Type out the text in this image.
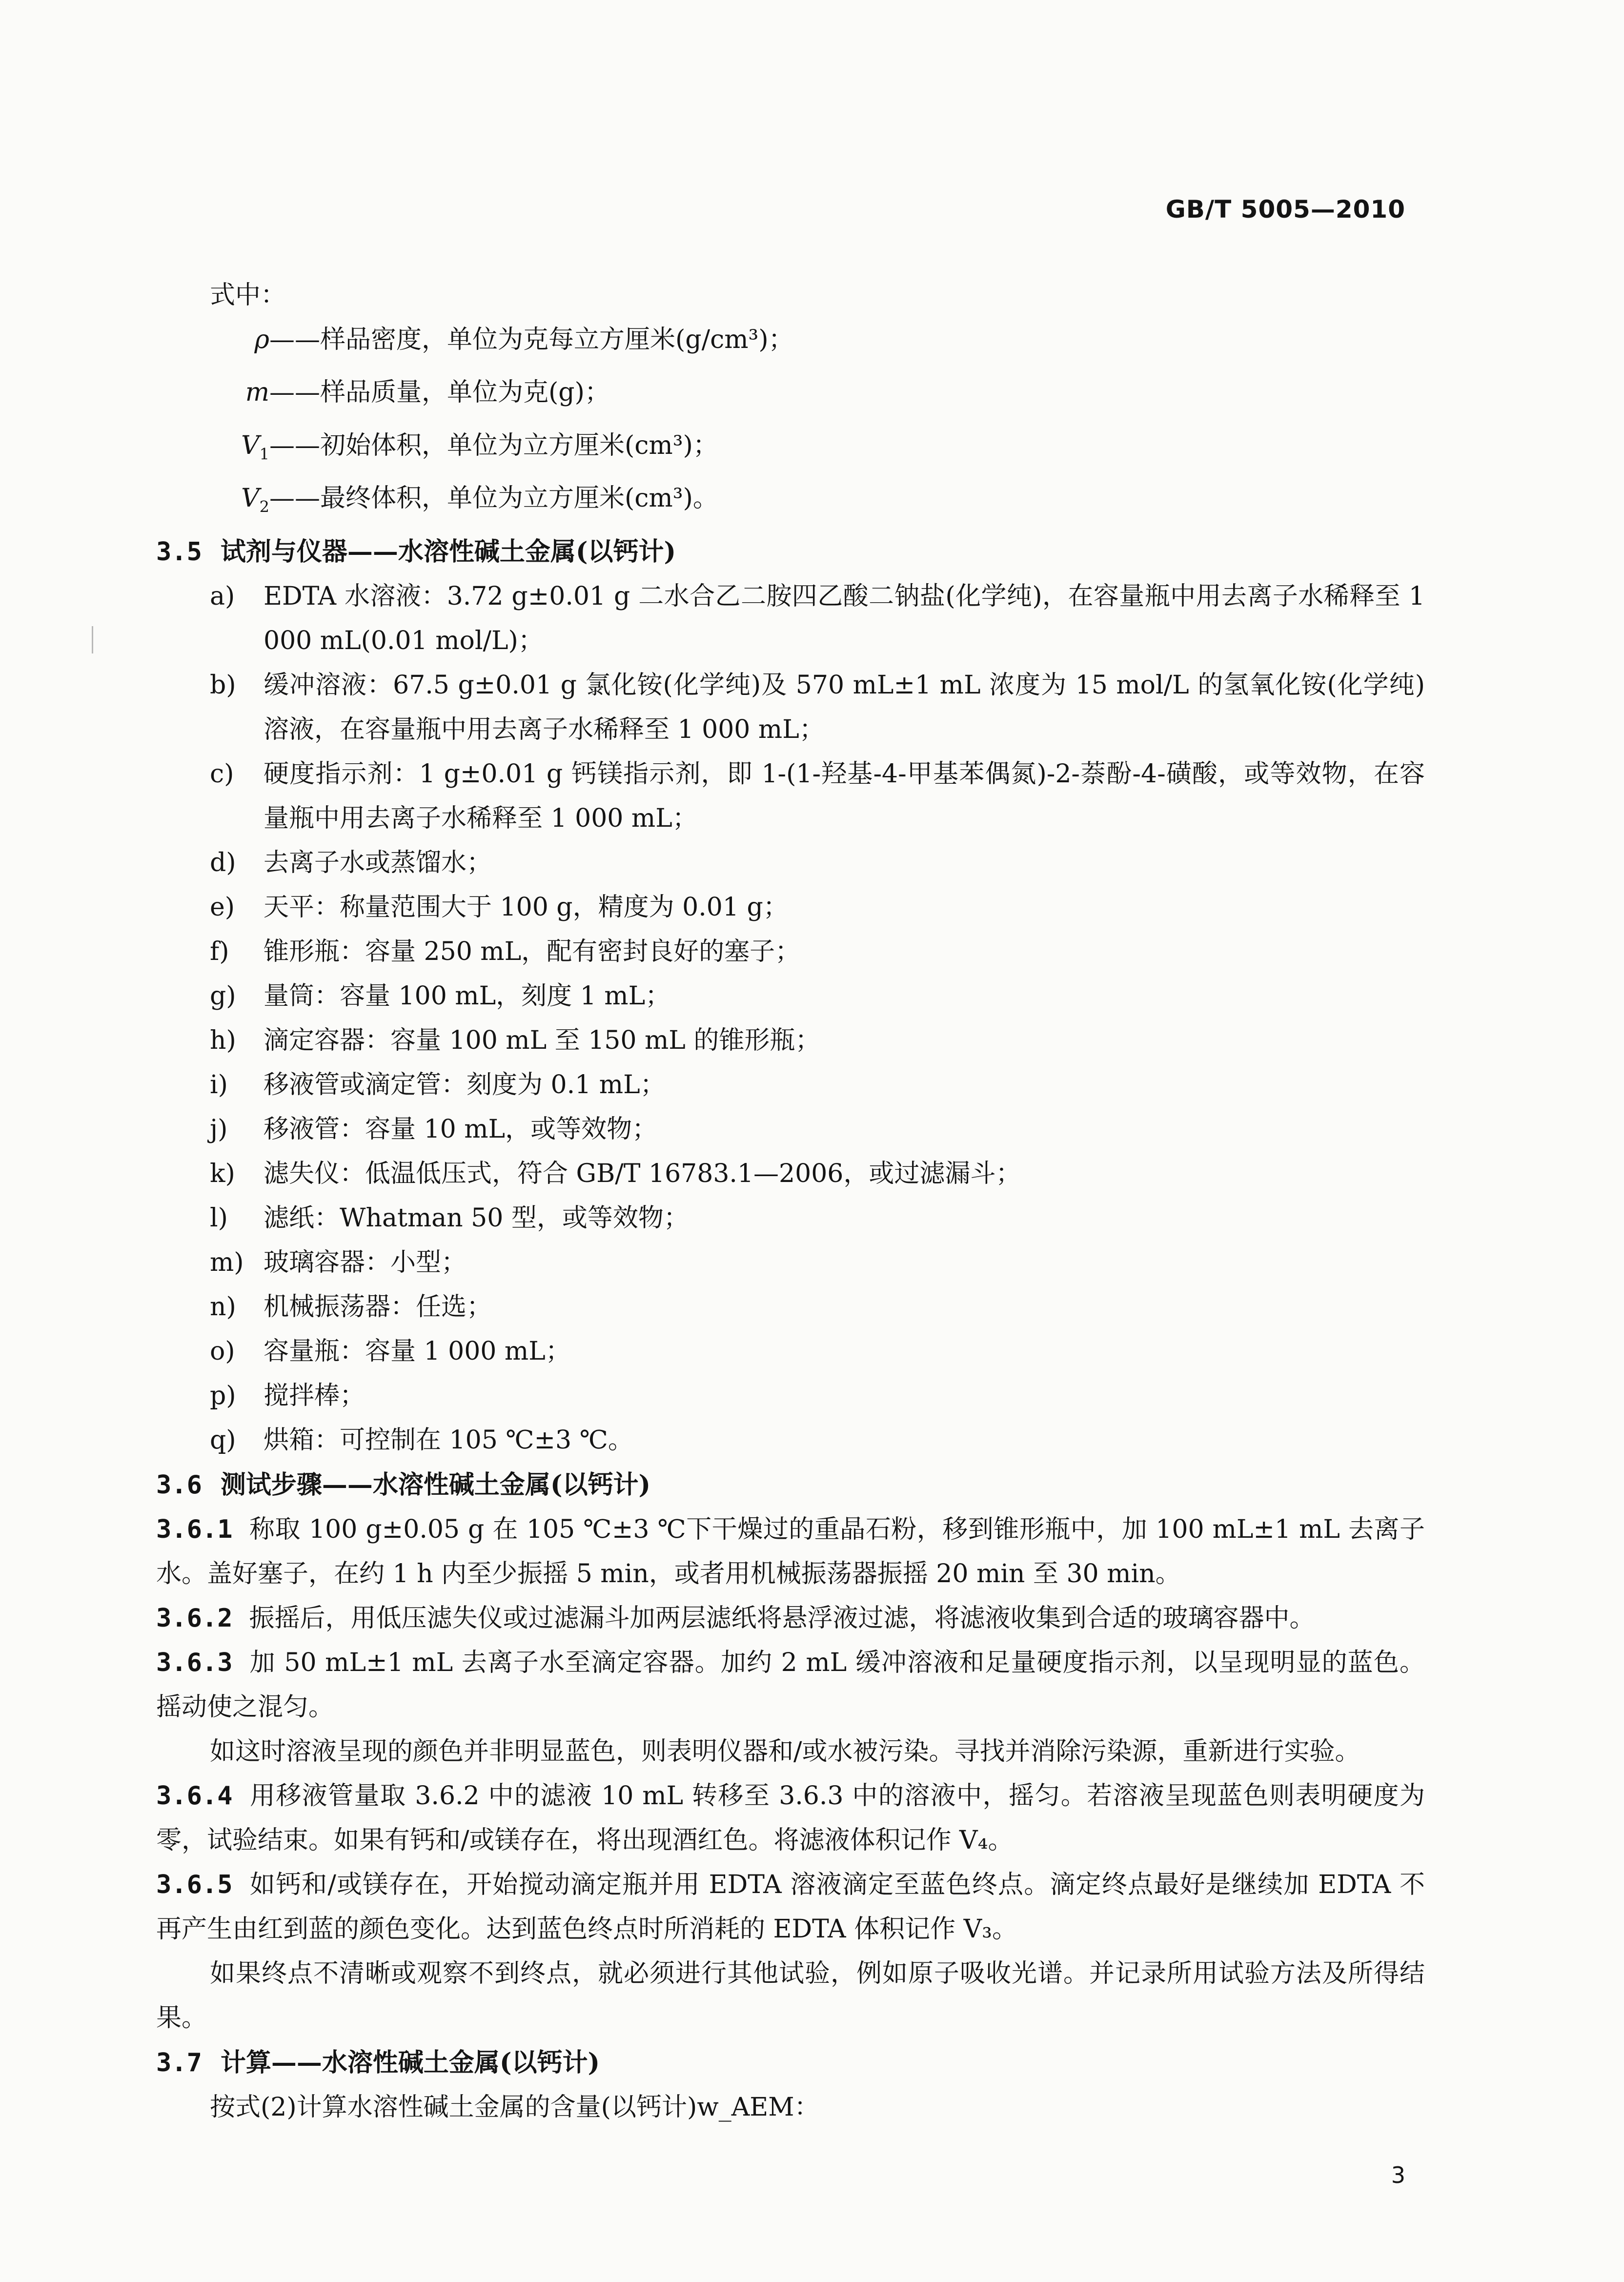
GB/T 5005—2010
式中：
ρ ——样品密度，单位为克每立方厘米(g/cm³)；
m ——样品质量，单位为克(g)；
$V_1$ ——初始体积，单位为立方厘米(cm³)；
$V_2$ ——最终体积，单位为立方厘米(cm³)。
3.5 试剂与仪器——水溶性碱土金属(以钙计)
a)	EDTA 水溶液：3.72 g±0.01 g 二水合乙二胺四乙酸二钠盐(化学纯)，在容量瓶中用去离子水稀释至 1 000 mL(0.01 mol/L)；
b)	缓冲溶液：67.5 g±0.01 g 氯化铵(化学纯)及 570 mL±1 mL 浓度为 15 mol/L 的氢氧化铵(化学纯)溶液，在容量瓶中用去离子水稀释至 1 000 mL；
c)	硬度指示剂：1 g±0.01 g 钙镁指示剂，即 1-(1-羟基-4-甲基苯偶氮)-2-萘酚-4-磺酸，或等效物，在容量瓶中用去离子水稀释至 1 000 mL；
d)	去离子水或蒸馏水；
e)	天平：称量范围大于 100 g，精度为 0.01 g；
f)	锥形瓶：容量 250 mL，配有密封良好的塞子；
g)	量筒：容量 100 mL，刻度 1 mL；
h)	滴定容器：容量 100 mL 至 150 mL 的锥形瓶；
i)	移液管或滴定管：刻度为 0.1 mL；
j)	移液管：容量 10 mL，或等效物；
k)	滤失仪：低温低压式，符合 GB/T 16783.1—2006，或过滤漏斗；
l)	滤纸：Whatman 50 型，或等效物；
m) 玻璃容器：小型；
n)	机械振荡器：任选；
o)	容量瓶：容量 1 000 mL；
p)	搅拌棒；
q)	烘箱：可控制在 105 ℃±3 ℃。
3.6 测试步骤——水溶性碱土金属(以钙计)
3.6.1 称取 100 g±0.05 g 在 105 ℃±3 ℃下干燥过的重晶石粉，移到锥形瓶中，加 100 mL±1 mL 去离子水。盖好塞子，在约 1 h 内至少振摇 5 min，或者用机械振荡器振摇 20 min 至 30 min。
3.6.2 振摇后，用低压滤失仪或过滤漏斗加两层滤纸将悬浮液过滤，将滤液收集到合适的玻璃容器中。
3.6.3 加 50 mL±1 mL 去离子水至滴定容器。加约 2 mL 缓冲溶液和足量硬度指示剂，以呈现明显的蓝色。摇动使之混匀。
如这时溶液呈现的颜色并非明显蓝色，则表明仪器和/或水被污染。寻找并消除污染源，重新进行实验。
3.6.4 用移液管量取 3.6.2 中的滤液 10 mL 转移至 3.6.3 中的溶液中，摇匀。若溶液呈现蓝色则表明硬度为零，试验结束。如果有钙和/或镁存在，将出现酒红色。将滤液体积记作 V₄。
3.6.5 如钙和/或镁存在，开始搅动滴定瓶并用 EDTA 溶液滴定至蓝色终点。滴定终点最好是继续加 EDTA 不再产生由红到蓝的颜色变化。达到蓝色终点时所消耗的 EDTA 体积记作 V₃。
如果终点不清晰或观察不到终点，就必须进行其他试验，例如原子吸收光谱。并记录所用试验方法及所得结果。
3.7 计算——水溶性碱土金属(以钙计)
按式(2)计算水溶性碱土金属的含量(以钙计)w_AEM：
3
